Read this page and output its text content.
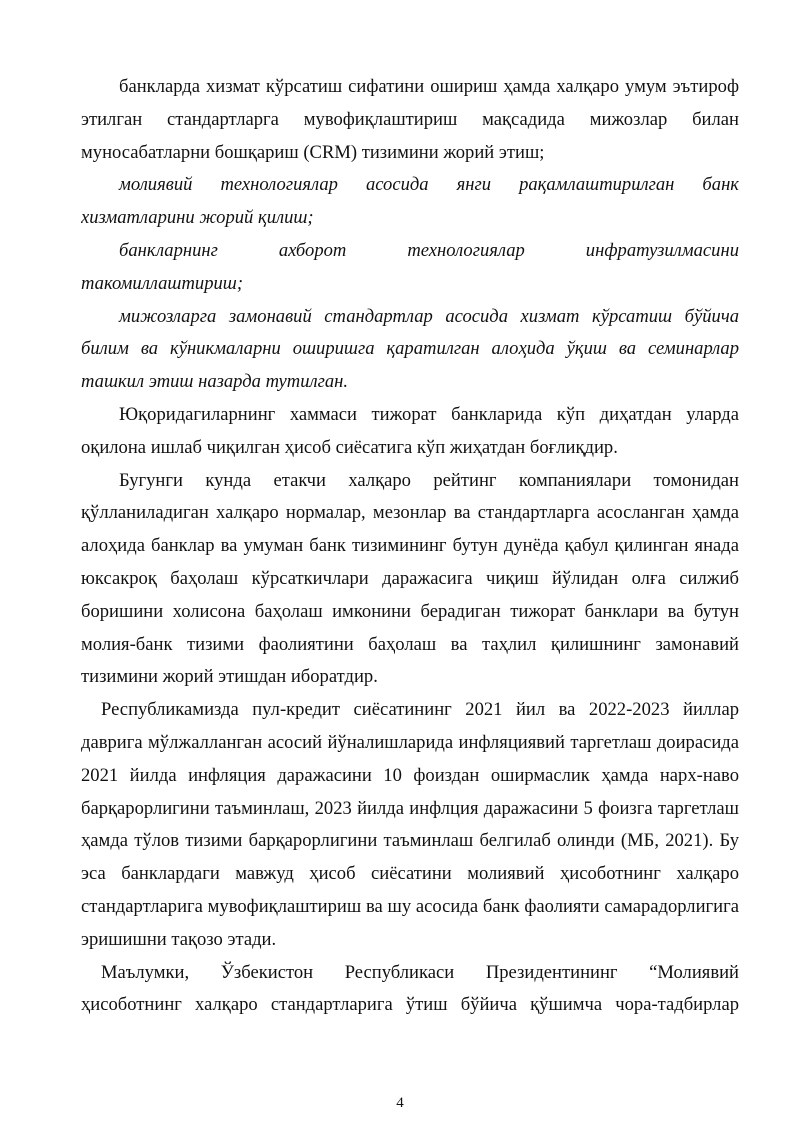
банкларда хизмат кўрсатиш сифатини ошириш ҳамда халқаро умум эътироф
этилган стандартларга мувофиқлаштириш мақсадида мижозлар билан
муносабатларни бошқариш (CRM) тизимини жорий этиш;
молиявий технологиялар асосида янги рақамлаштирилган банк
хизматларини жорий қилиш;
банкларнинг ахборот технологиялар инфратузилмасини
такомиллаштириш;
мижозларга замонавий стандартлар асосида хизмат кўрсатиш бўйича
билим ва кўникмаларни оширишга қаратилган алоҳида ўқиш ва семинарлар
ташкил этиш назарда тутилган.
Юқоридагиларнинг хаммаси тижорат банкларида кўп диҳатдан уларда
оқилона ишлаб чиқилган ҳисоб сиёсатига кўп жиҳатдан боғлиқдир.
Бугунги кунда етакчи халқаро рейтинг компаниялари томонидан
қўлланиладиган халқаро нормалар, мезонлар ва стандартларга асосланган ҳамда
алоҳида банклар ва умуман банк тизимининг бутун дунёда қабул қилинган янада
юксакроқ баҳолаш кўрсаткичлари даражасига чиқиш йўлидан олға силжиб
боришини холисона баҳолаш имконини берадиган тижорат банклари ва бутун
молия-банк тизими фаолиятини баҳолаш ва таҳлил қилишнинг замонавий
тизимини жорий этишдан иборатдир.
Республикамизда пул-кредит сиёсатининг 2021 йил ва 2022-2023 йиллар
даврига мўлжалланган асосий йўналишларида инфляциявий таргетлаш доирасида
2021 йилда инфляция даражасини 10 фоиздан оширмаслик ҳамда нарх-наво
барқарорлигини таъминлаш, 2023 йилда инфлция даражасини 5 фоизга таргетлаш
ҳамда тўлов тизими барқарорлигини таъминлаш белгилаб олинди (МБ, 2021). Бу
эса банклардаги мавжуд ҳисоб сиёсатини молиявий ҳисоботнинг халқаро
стандартларига мувофиқлаштириш ва шу асосида банк фаолияти самарадорлигига
эришишни тақозо этади.
Маълумки, Ўзбекистон Республикаси Президентининг “Молиявий
ҳисоботнинг халқаро стандартларига ўтиш бўйича қўшимча чора-тадбирлар
4
